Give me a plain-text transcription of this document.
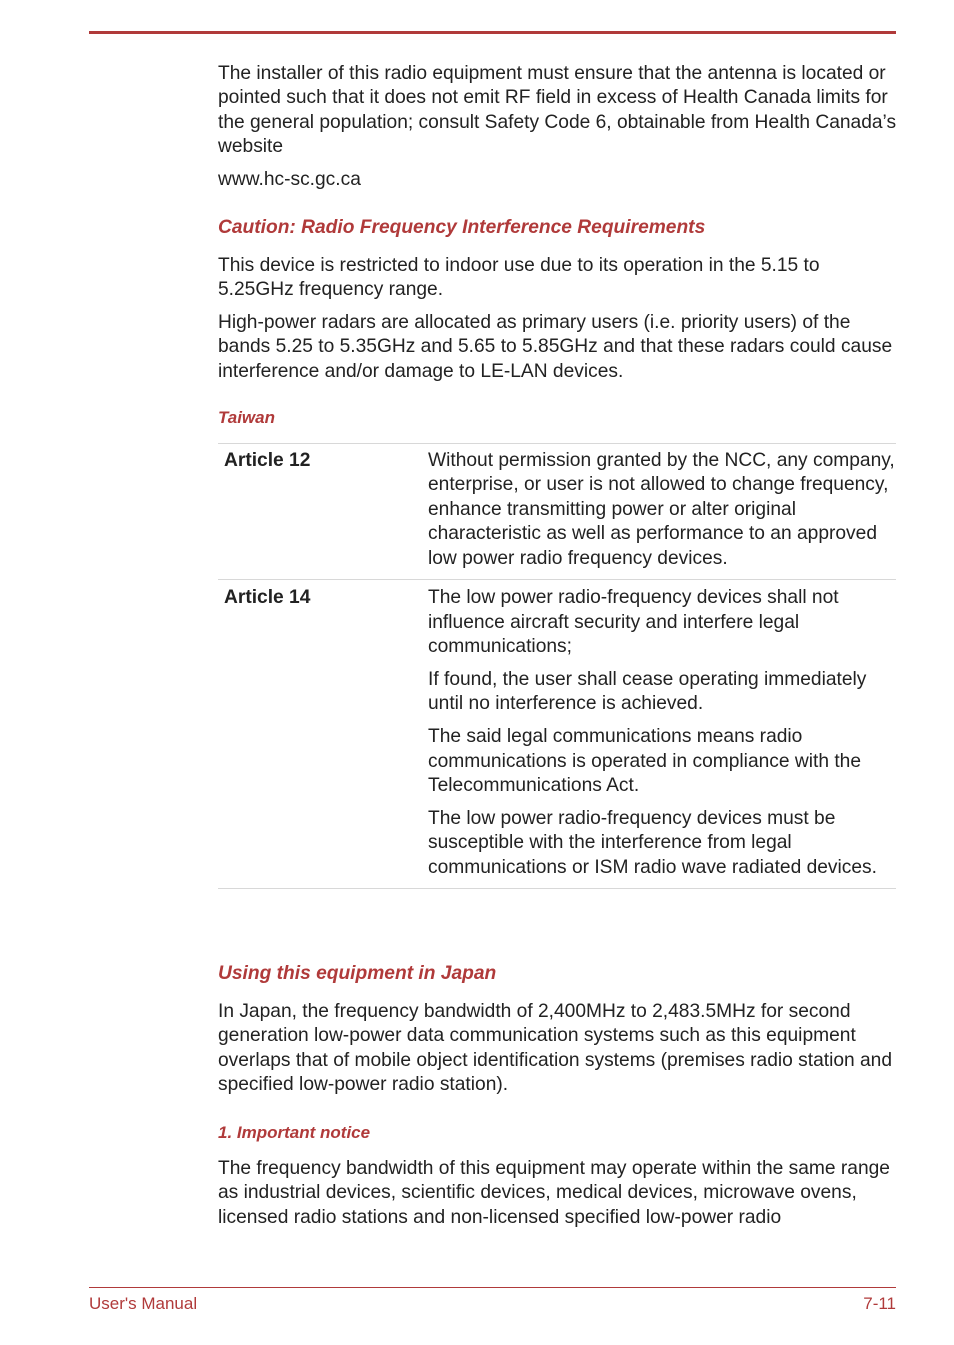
The installer of this radio equipment must ensure that the antenna is located or pointed such that it does not emit RF field in excess of Health Canada limits for the general population; consult Safety Code 6, obtainable from Health Canada’s website

www.hc-sc.gc.ca

Caution: Radio Frequency Interference Requirements

This device is restricted to indoor use due to its operation in the 5.15 to 5.25GHz frequency range.

High-power radars are allocated as primary users (i.e. priority users) of the bands 5.25 to 5.35GHz and 5.65 to 5.85GHz and that these radars could cause interference and/or damage to LE-LAN devices.

Taiwan
Article 12	Without permission granted by the NCC, any company, enterprise, or user is not allowed to change frequency, enhance transmitting power or alter original characteristic as well as performance to an approved low power radio frequency devices.

Article 14	The low power radio-frequency devices shall not influence aircraft security and interfere legal communications;

If found, the user shall cease operating immediately until no interference is achieved.

The said legal communications means radio communications is operated in compliance with the Telecommunications Act.

The low power radio-frequency devices must be susceptible with the interference from legal communications or ISM radio wave radiated devices.

Using this equipment in Japan

In Japan, the frequency bandwidth of 2,400MHz to 2,483.5MHz for second generation low-power data communication systems such as this equipment overlaps that of mobile object identification systems (premises radio station and specified low-power radio station).

1. Important notice

The frequency bandwidth of this equipment may operate within the same range as industrial devices, scientific devices, medical devices, microwave ovens, licensed radio stations and non-licensed specified low-power radio

User's Manual	7-11
